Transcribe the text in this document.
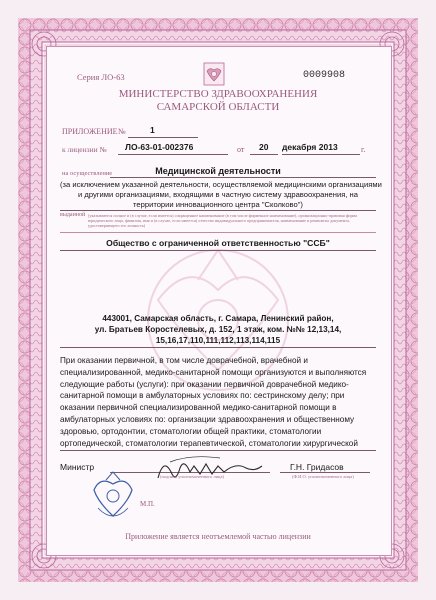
Серия ЛО-63	0009908
МИНИСТЕРСТВО ЗДРАВООХРАНЕНИЯ
САМАРСКОЙ ОБЛАСТИ
ПРИЛОЖЕНИЕ №	1
к лицензии № ЛО-63-01-002376	от 20 декабря 2013	г.
на осуществление	Медицинской деятельности
(за исключением указанной деятельности, осуществляемой медицинскими организациями
и другими организациями, входящими в частную систему здравоохранения, на
территории инновационного центра "Сколково")
выданной (указываются полное и (в случае, если имеется) сокращенное наименование (в том числе фирменное наименование), организационно-правовая форма юридического лица, фамилия, имя и (в случае, если имеется) отчество индивидуального предпринимателя, наименование и реквизиты документа, удостоверяющего его личность)
Общество с ограниченной ответственностью "ССБ"
443001, Самарская область, г. Самара, Ленинский район,
ул. Братьев Коростелевых, д. 152, 1 этаж, ком. №№ 12,13,14,
15,16,17,110,111,112,113,114,115
При оказании первичной, в том числе доврачебной, врачебной и
специализированной, медико-санитарной помощи организуются и выполняются
следующие работы (услуги): при оказании первичной доврачебной медико-
санитарной помощи в амбулаторных условиях по: сестринскому делу; при
оказании первичной специализированной медико-санитарной помощи в
амбулаторных условиях по: организации здравоохранения и общественному
здоровью, ортодонтии, стоматологии общей практики, стоматологии
ортопедической, стоматологии терапевтической, стоматологии хирургической
Министр	Г.Н. Гридасов
(подпись уполномоченного лица)	(Ф.И.О. уполномоченного лица)
М.П.
Приложение является неотъемлемой частью лицензии
